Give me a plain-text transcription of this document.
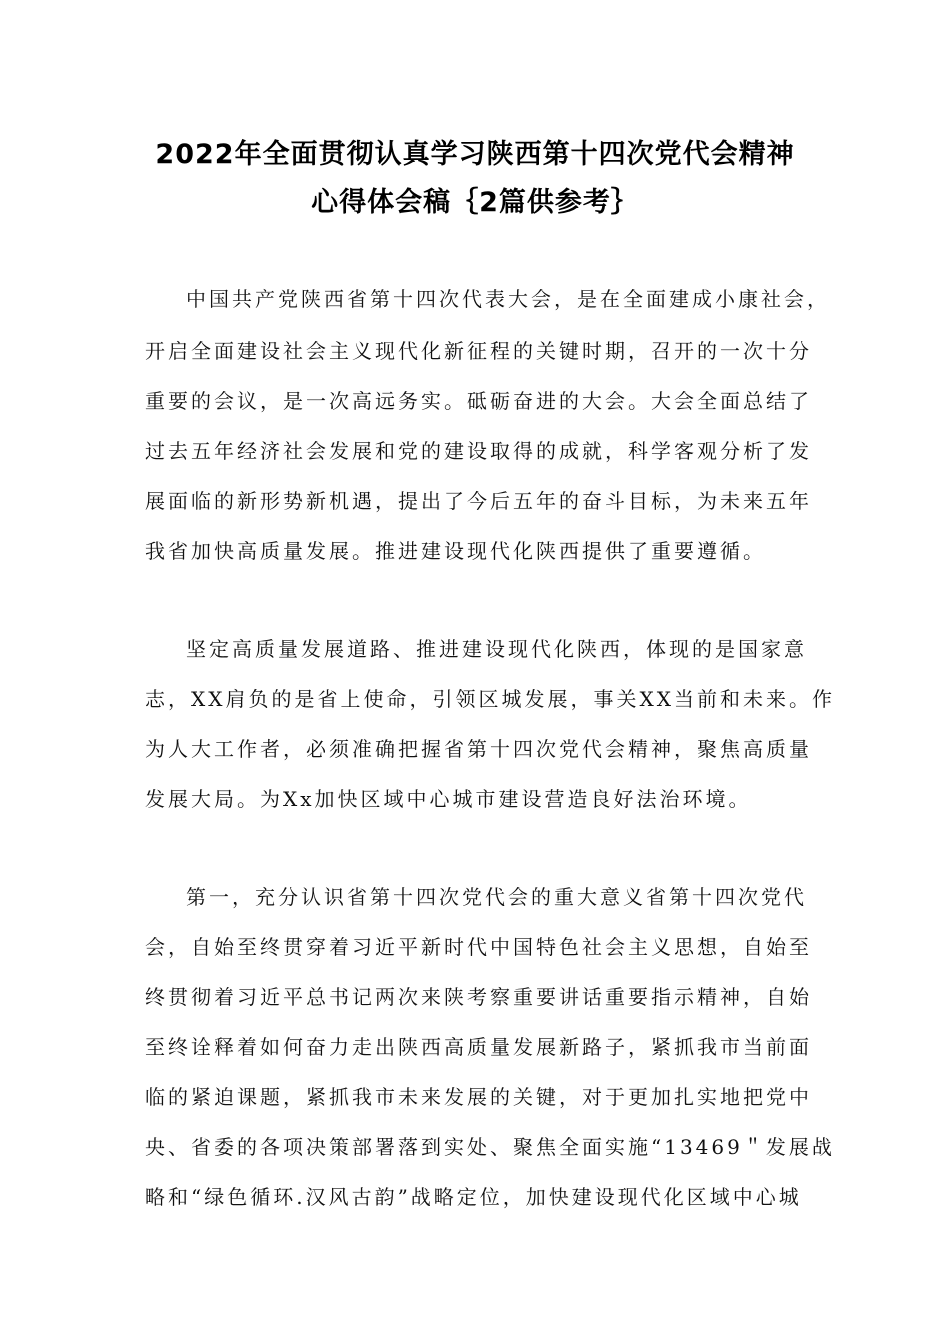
2022年全面贯彻认真学习陕西第十四次党代会精神
心得体会稿｛2篇供参考｝
中国共产党陕西省第十四次代表大会，是在全面建成小康社会，
开启全面建设社会主义现代化新征程的关键时期，召开的一次十分
重要的会议，是一次高远务实。砥砺奋进的大会。大会全面总结了
过去五年经济社会发展和党的建设取得的成就，科学客观分析了发
展面临的新形势新机遇，提出了今后五年的奋斗目标，为未来五年
我省加快高质量发展。推进建设现代化陕西提供了重要遵循。
坚定高质量发展道路、推进建设现代化陕西，体现的是国家意
志，XX肩负的是省上使命，引领区城发展，事关XX当前和未来。作
为人大工作者，必须准确把握省第十四次党代会精神，聚焦高质量
发展大局。为Xx加快区域中心城市建设营造良好法治环境。
第一，充分认识省第十四次党代会的重大意义省第十四次党代
会，自始至终贯穿着习近平新时代中国特色社会主义思想，自始至
终贯彻着习近平总书记两次来陕考察重要讲话重要指示精神，自始
至终诠释着如何奋力走出陕西高质量发展新路子，紧抓我市当前面
临的紧迫课题，紧抓我市未来发展的关键，对于更加扎实地把党中
央、省委的各项决策部署落到实处、聚焦全面实施“13469＂发展战
略和“绿色循环.汉风古韵”战略定位，加快建设现代化区域中心城
